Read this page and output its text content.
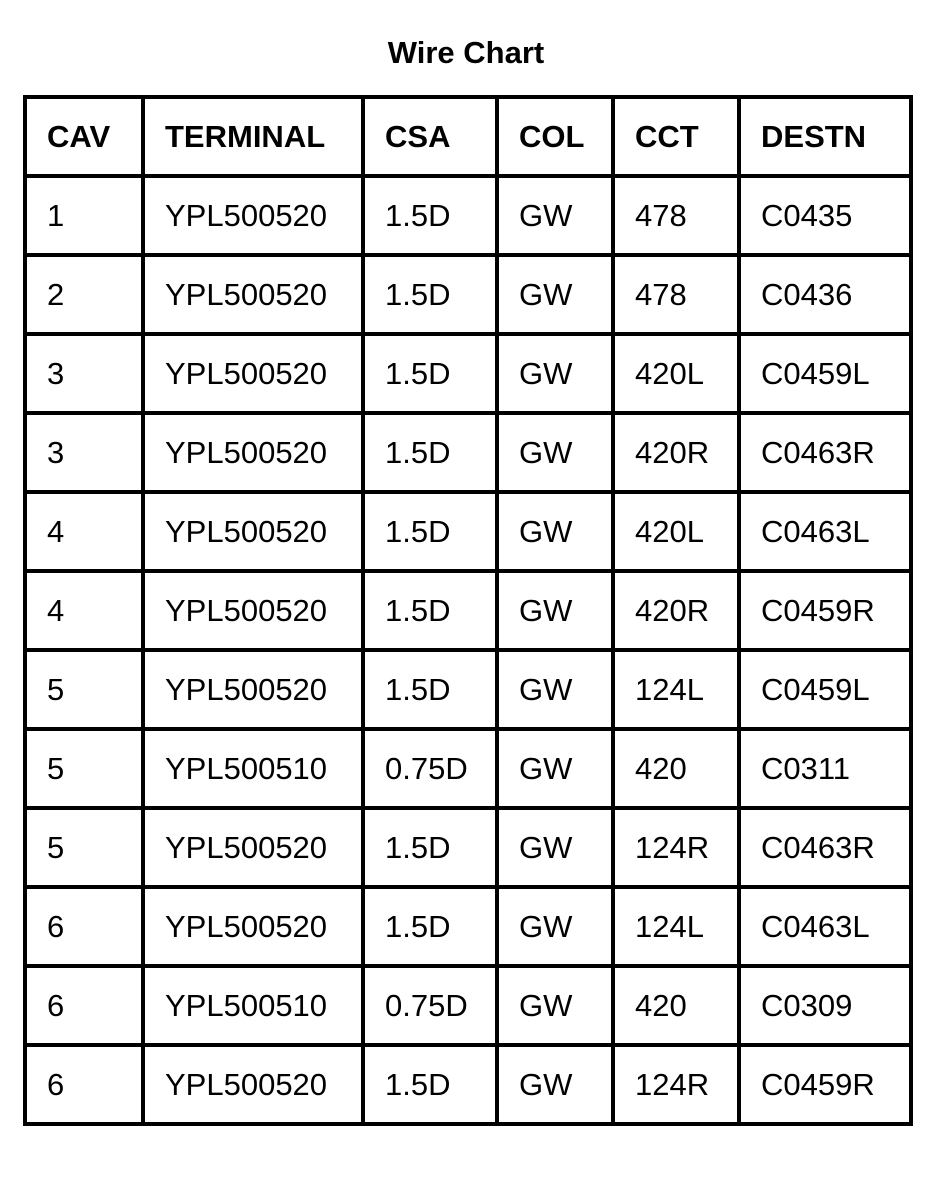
Wire Chart
CAV	TERMINAL	CSA	COL	CCT	DESTN
1	YPL500520	1.5D	GW	478	C0435
2	YPL500520	1.5D	GW	478	C0436
3	YPL500520	1.5D	GW	420L	C0459L
3	YPL500520	1.5D	GW	420R	C0463R
4	YPL500520	1.5D	GW	420L	C0463L
4	YPL500520	1.5D	GW	420R	C0459R
5	YPL500520	1.5D	GW	124L	C0459L
5	YPL500510	0.75D	GW	420	C0311
5	YPL500520	1.5D	GW	124R	C0463R
6	YPL500520	1.5D	GW	124L	C0463L
6	YPL500510	0.75D	GW	420	C0309
6	YPL500520	1.5D	GW	124R	C0459R
